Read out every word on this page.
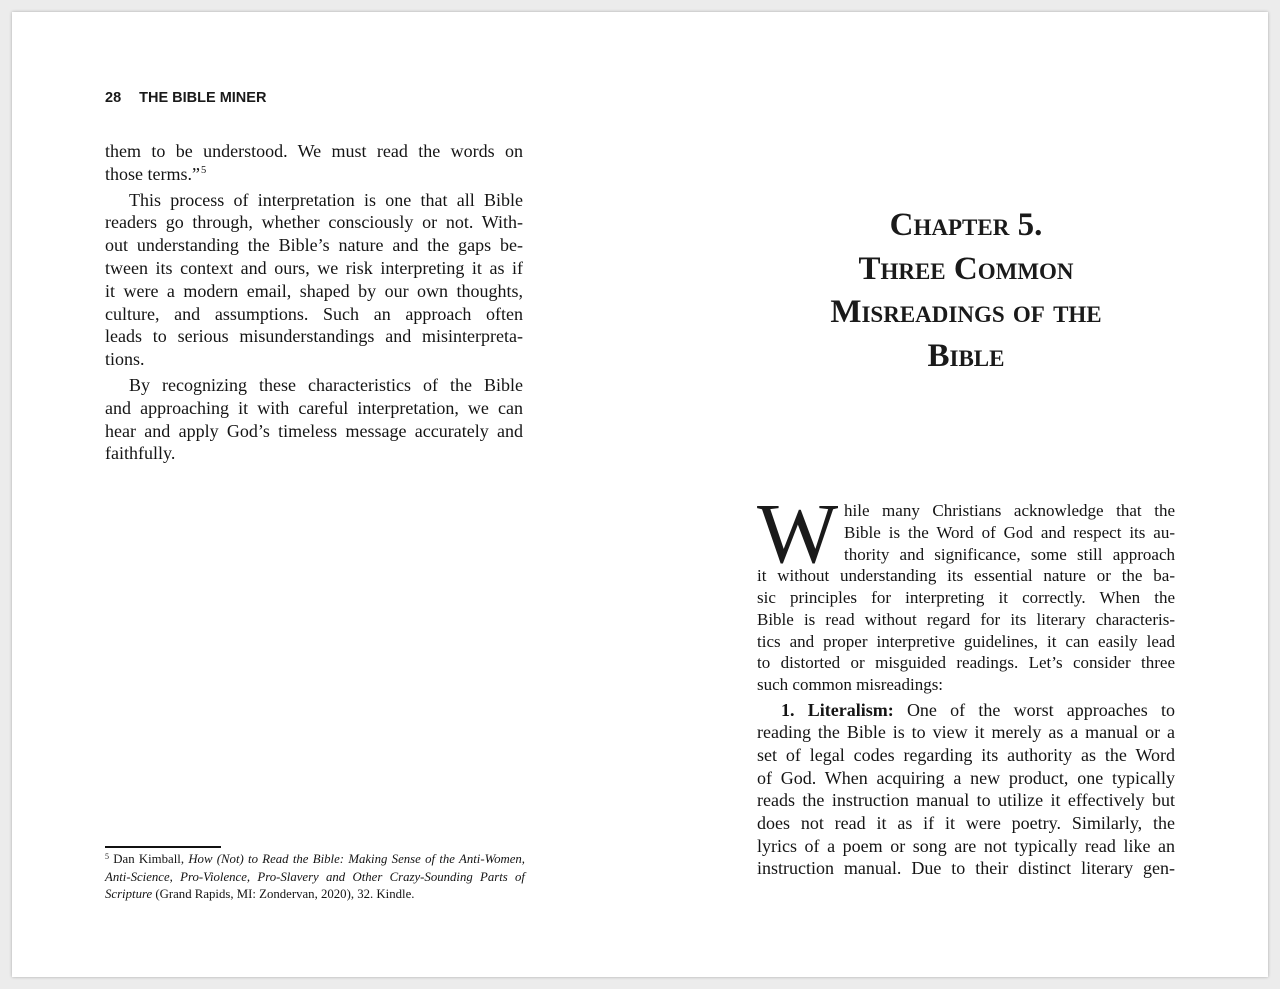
28 THE BIBLE MINER
them to be understood. We must read the words on
those terms.”$^5$
This process of interpretation is one that all Bible
readers go through, whether consciously or not. With-
out understanding the Bible’s nature and the gaps be-
tween its context and ours, we risk interpreting it as if
it were a modern email, shaped by our own thoughts,
culture, and assumptions. Such an approach often
leads to serious misunderstandings and misinterpreta-
tions.
By recognizing these characteristics of the Bible
and approaching it with careful interpretation, we can
hear and apply God’s timeless message accurately and
faithfully.
$^5$ Dan Kimball, How (Not) to Read the Bible: Making Sense of the Anti-Women,
Anti-Science, Pro-Violence, Pro-Slavery and Other Crazy-Sounding Parts of
Scripture (Grand Rapids, MI: Zondervan, 2020), 32. Kindle.
Chapter 5.
Three Common
Misreadings of the
Bible
W hile many Christians acknowledge that the
Bible is the Word of God and respect its au-
thority and significance, some still approach
it without understanding its essential nature or the ba-
sic principles for interpreting it correctly. When the
Bible is read without regard for its literary characteris-
tics and proper interpretive guidelines, it can easily lead
to distorted or misguided readings. Let’s consider three
such common misreadings:
1. Literalism: One of the worst approaches to
reading the Bible is to view it merely as a manual or a
set of legal codes regarding its authority as the Word
of God. When acquiring a new product, one typically
reads the instruction manual to utilize it effectively but
does not read it as if it were poetry. Similarly, the
lyrics of a poem or song are not typically read like an
instruction manual. Due to their distinct literary gen-
